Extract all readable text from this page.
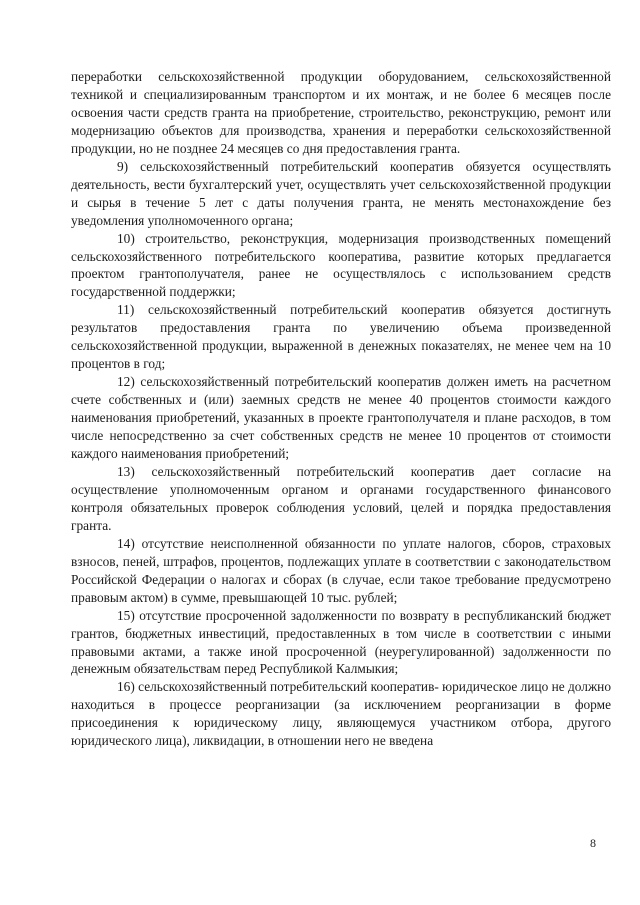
переработки сельскохозяйственной продукции оборудованием, сельскохозяйственной техникой и специализированным транспортом и их монтаж, и не более 6 месяцев после освоения части средств гранта на приобретение, строительство, реконструкцию, ремонт или модернизацию объектов для производства, хранения и переработки сельскохозяйственной продукции, но не позднее 24 месяцев со дня предоставления гранта.

9) сельскохозяйственный потребительский кооператив обязуется осуществлять деятельность, вести бухгалтерский учет, осуществлять учет сельскохозяйственной продукции и сырья в течение 5 лет с даты получения гранта, не менять местонахождение без уведомления уполномоченного органа;

10) строительство, реконструкция, модернизация производственных помещений сельскохозяйственного потребительского кооператива, развитие которых предлагается проектом грантополучателя, ранее не осуществлялось с использованием средств государственной поддержки;

11) сельскохозяйственный потребительский кооператив обязуется достигнуть результатов предоставления гранта по увеличению объема произведенной сельскохозяйственной продукции, выраженной в денежных показателях, не менее чем на 10 процентов в год;

12) сельскохозяйственный потребительский кооператив должен иметь на расчетном счете собственных и (или) заемных средств не менее 40 процентов стоимости каждого наименования приобретений, указанных в проекте грантополучателя и плане расходов, в том числе непосредственно за счет собственных средств не менее 10 процентов от стоимости каждого наименования приобретений;

13) сельскохозяйственный потребительский кооператив дает согласие на осуществление уполномоченным органом и органами государственного финансового контроля обязательных проверок соблюдения условий, целей и порядка предоставления гранта.

14) отсутствие неисполненной обязанности по уплате налогов, сборов, страховых взносов, пеней, штрафов, процентов, подлежащих уплате в соответствии с законодательством Российской Федерации о налогах и сборах (в случае, если такое требование предусмотрено правовым актом) в сумме, превышающей 10 тыс. рублей;

15) отсутствие просроченной задолженности по возврату в республиканский бюджет грантов, бюджетных инвестиций, предоставленных в том числе в соответствии с иными правовыми актами, а также иной просроченной (неурегулированной) задолженности по денежным обязательствам перед Республикой Калмыкия;

16) сельскохозяйственный потребительский кооператив- юридическое лицо не должно находиться в процессе реорганизации (за исключением реорганизации в форме присоединения к юридическому лицу, являющемуся участником отбора, другого юридического лица), ликвидации, в отношении него не введена

8
